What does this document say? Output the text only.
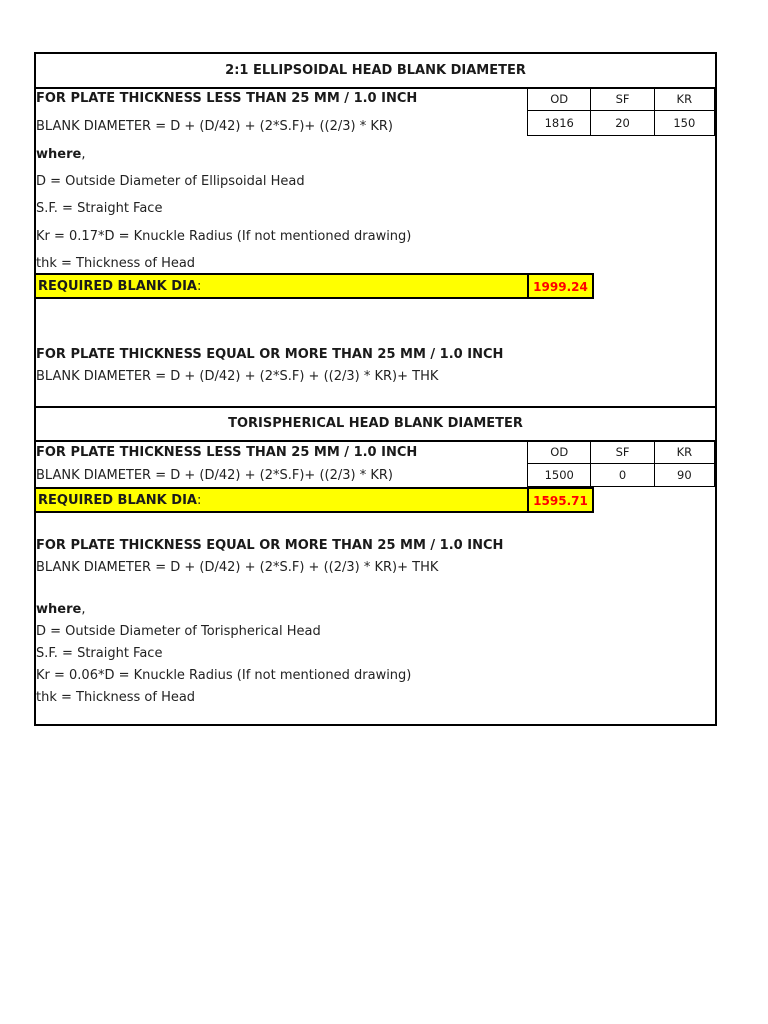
2:1 ELLIPSOIDAL HEAD BLANK DIAMETER
FOR PLATE THICKNESS LESS THAN 25 MM / 1.0 INCH	OD	SF	KR
1816	20	150
BLANK DIAMETER = D + (D/42) + (2*S.F)+ ((2/3) * KR)
where,
D = Outside Diameter of Ellipsoidal Head
S.F. = Straight Face
Kr = 0.17*D = Knuckle Radius (If not mentioned drawing)
thk = Thickness of Head
REQUIRED BLANK DIA:	1999.24
FOR PLATE THICKNESS EQUAL OR MORE THAN 25 MM / 1.0 INCH
BLANK DIAMETER = D + (D/42) + (2*S.F) + ((2/3) * KR)+ THK
TORISPHERICAL HEAD BLANK DIAMETER
FOR PLATE THICKNESS LESS THAN 25 MM / 1.0 INCH	OD	SF	KR
1500	0	90
BLANK DIAMETER = D + (D/42) + (2*S.F)+ ((2/3) * KR)
REQUIRED BLANK DIA:	1595.71
FOR PLATE THICKNESS EQUAL OR MORE THAN 25 MM / 1.0 INCH
BLANK DIAMETER = D + (D/42) + (2*S.F) + ((2/3) * KR)+ THK
where,
D = Outside Diameter of Torispherical Head
S.F. = Straight Face
Kr = 0.06*D = Knuckle Radius (If not mentioned drawing)
thk = Thickness of Head
